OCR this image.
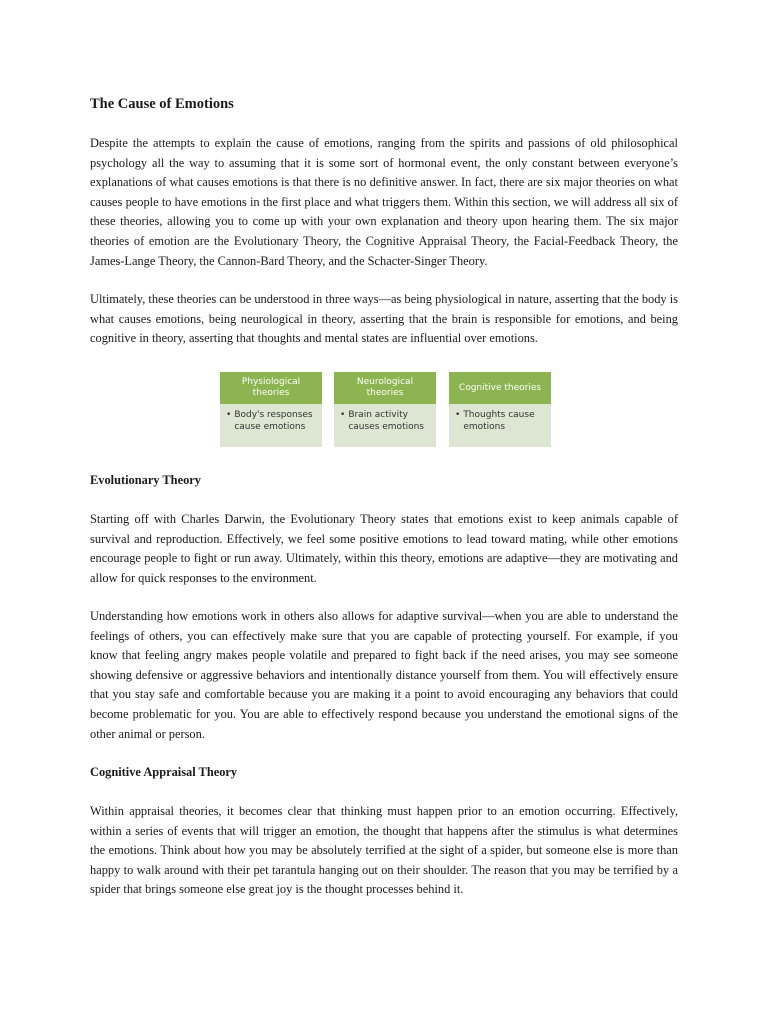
The Cause of Emotions

Despite the attempts to explain the cause of emotions, ranging from the spirits and passions of old philosophical psychology all the way to assuming that it is some sort of hormonal event, the only constant between everyone’s explanations of what causes emotions is that there is no definitive answer. In fact, there are six major theories on what causes people to have emotions in the first place and what triggers them. Within this section, we will address all six of these theories, allowing you to come up with your own explanation and theory upon hearing them. The six major theories of emotion are the Evolutionary Theory, the Cognitive Appraisal Theory, the Facial-Feedback Theory, the James-Lange Theory, the Cannon-Bard Theory, and the Schacter-Singer Theory.

Ultimately, these theories can be understood in three ways—as being physiological in nature, asserting that the body is what causes emotions, being neurological in theory, asserting that the brain is responsible for emotions, and being cognitive in theory, asserting that thoughts and mental states are influential over emotions.

Evolutionary Theory

Starting off with Charles Darwin, the Evolutionary Theory states that emotions exist to keep animals capable of survival and reproduction. Effectively, we feel some positive emotions to lead toward mating, while other emotions encourage people to fight or run away. Ultimately, within this theory, emotions are adaptive—they are motivating and allow for quick responses to the environment.

Understanding how emotions work in others also allows for adaptive survival—when you are able to understand the feelings of others, you can effectively make sure that you are capable of protecting yourself. For example, if you know that feeling angry makes people volatile and prepared to fight back if the need arises, you may see someone showing defensive or aggressive behaviors and intentionally distance yourself from them. You will effectively ensure that you stay safe and comfortable because you are making it a point to avoid encouraging any behaviors that could become problematic for you. You are able to effectively respond because you understand the emotional signs of the other animal or person.

Cognitive Appraisal Theory

Within appraisal theories, it becomes clear that thinking must happen prior to an emotion occurring. Effectively, within a series of events that will trigger an emotion, the thought that happens after the stimulus is what determines the emotions. Think about how you may be absolutely terrified at the sight of a spider, but someone else is more than happy to walk around with their pet tarantula hanging out on their shoulder. The reason that you may be terrified by a spider that brings someone else great joy is the thought processes behind it.

Physiological theories
• Body's responses cause emotions
Neurological theories
• Brain activity causes emotions
Cognitive theories
• Thoughts cause emotions
